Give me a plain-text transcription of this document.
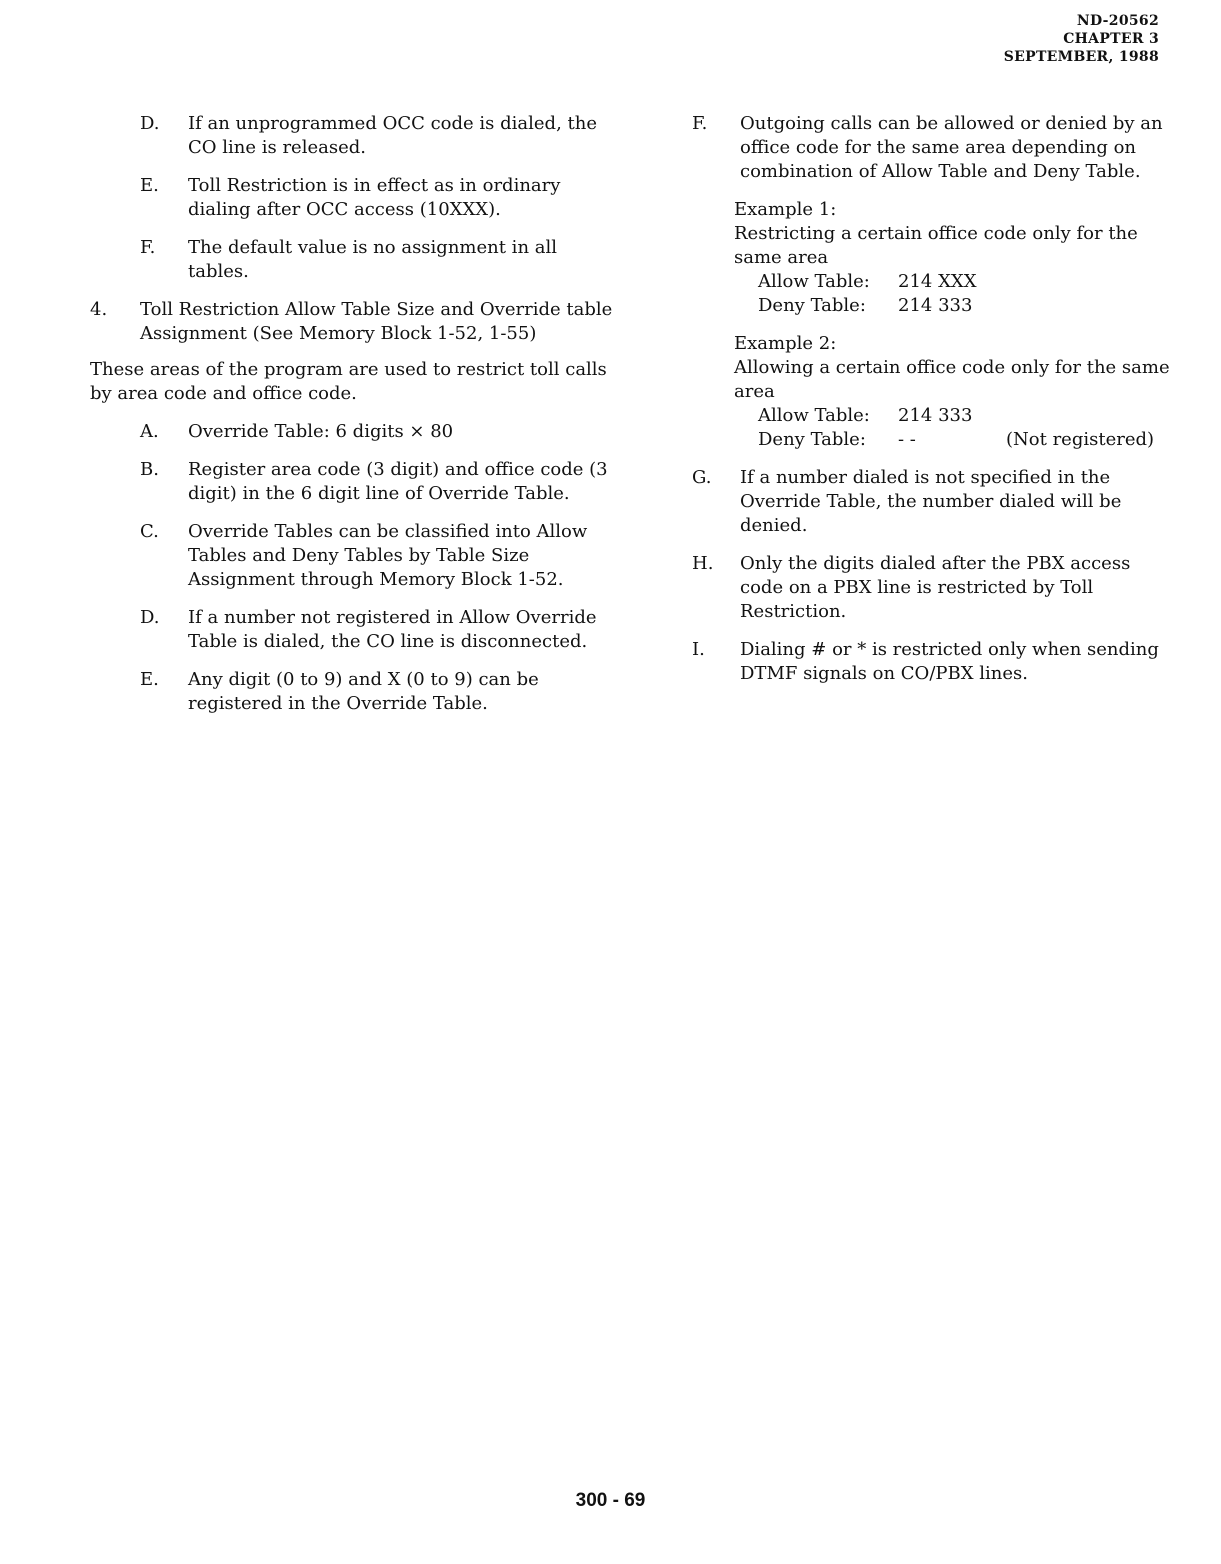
ND-20562
CHAPTER 3
SEPTEMBER, 1988
D. If an unprogrammed OCC code is dialed, the CO line is released.
E. Toll Restriction is in effect as in ordinary dialing after OCC access (10XXX).
F. The default value is no assignment in all tables.
4. Toll Restriction Allow Table Size and Override table Assignment (See Memory Block 1-52, 1-55)

These areas of the program are used to restrict toll calls by area code and office code.

A. Override Table: 6 digits × 80
B. Register area code (3 digit) and office code (3 digit) in the 6 digit line of Override Table.
C. Override Tables can be classified into Allow Tables and Deny Tables by Table Size Assignment through Memory Block 1-52.
D. If a number not registered in Allow Override Table is dialed, the CO line is disconnected.
E. Any digit (0 to 9) and X (0 to 9) can be registered in the Override Table.
F. Outgoing calls can be allowed or denied by an office code for the same area depending on combination of Allow Table and Deny Table.
Example 1:
Restricting a certain office code only for the same area
Allow Table:	214 XXX
Deny Table:	214 333
Example 2:
Allowing a certain office code only for the same area
Allow Table:	214 333
Deny Table:	- -	(Not registered)
G. If a number dialed is not specified in the Override Table, the number dialed will be denied.
H. Only the digits dialed after the PBX access code on a PBX line is restricted by Toll Restriction.
I. Dialing # or * is restricted only when sending DTMF signals on CO/PBX lines.
300 - 69
